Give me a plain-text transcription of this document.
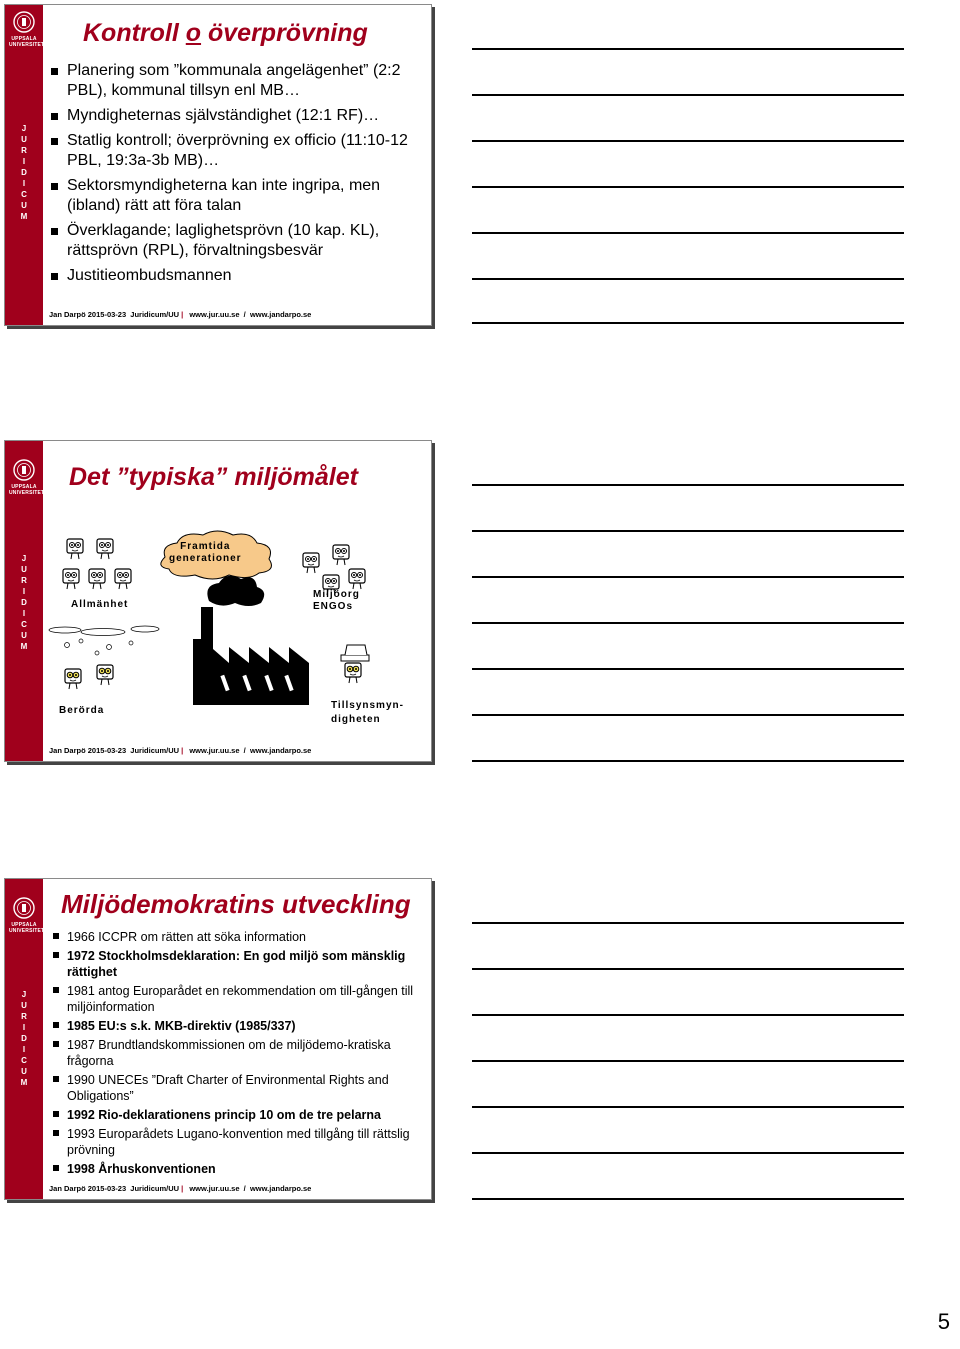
UPPSALA
UNIVERSITET
J
U
R
I
D
I
C
U
M
Kontroll o överprövning
Planering som ”kommunala angelägenhet” (2:2 PBL), kommunal tillsyn enl MB…
Myndigheternas självständighet (12:1 RF)…
Statlig kontroll; överprövning ex officio (11:10-12 PBL, 19:3a-3b MB)…
Sektorsmyndigheterna kan inte ingripa, men (ibland) rätt att föra talan
Överklagande; laglighetsprövn (10 kap. KL), rättsprövn (RPL), förvaltningsbesvär
Justitieombudsmannen
Jan Darpö 2015-03-23 Juridicum/UU | www.jur.uu.se / www.jandarpo.se
UPPSALA
UNIVERSITET
J
U
R
I
D
I
C
U
M
Det ”typiska” miljömålet
Allmänhet
Framtida
generationer
Miljöorg
ENGOs
Berörda	Tillsynsmyn-
digheten
Jan Darpö 2015-03-23 Juridicum/UU | www.jur.uu.se / www.jandarpo.se
UPPSALA
UNIVERSITET
J
U
R
I
D
I
C
U
M
Miljödemokratins utveckling
1966 ICCPR om rätten att söka information
1972 Stockholmsdeklaration: En god miljö som mänsklig rättighet
1981 antog Europarådet en rekommendation om till-gången till miljöinformation
1985 EU:s s.k. MKB-direktiv (1985/337)
1987 Brundtlandskommissionen om de miljödemo-kratiska frågorna
1990 UNECEs ”Draft Charter of Environmental Rights and Obligations”
1992 Rio-deklarationens princip 10 om de tre pelarna
1993 Europarådets Lugano-konvention med tillgång till rättslig prövning
1998 Århuskonventionen
Jan Darpö 2015-03-23 Juridicum/UU | www.jur.uu.se / www.jandarpo.se
5
